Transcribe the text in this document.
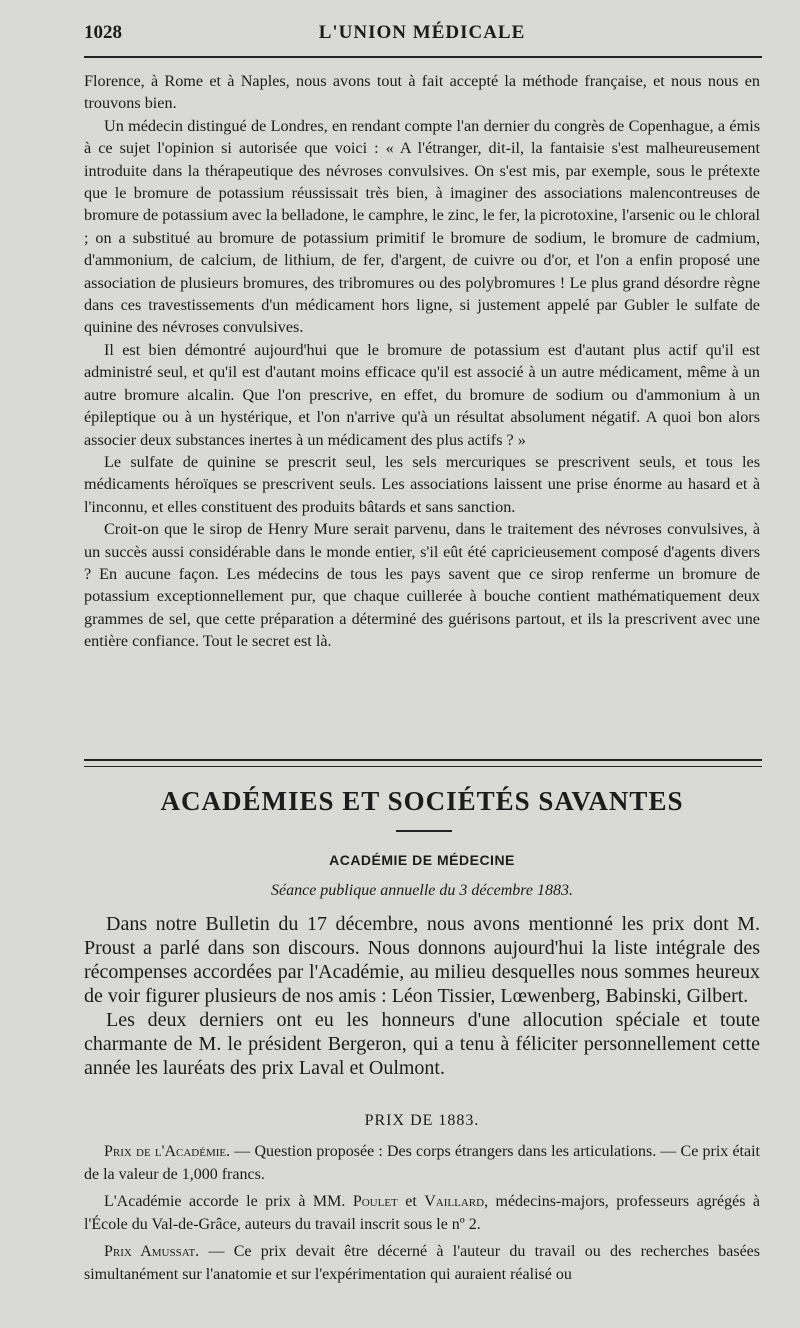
1028	L'UNION MÉDICALE

Florence, à Rome et à Naples, nous avons tout à fait accepté la méthode française, et nous nous en trouvons bien.

Un médecin distingué de Londres, en rendant compte l'an dernier du congrès de Copenhague, a émis à ce sujet l'opinion si autorisée que voici : « A l'étranger, dit-il, la fantaisie s'est malheureusement introduite dans la thérapeutique des névroses convulsives. On s'est mis, par exemple, sous le prétexte que le bromure de potassium réussissait très bien, à imaginer des associations malencontreuses de bromure de potassium avec la belladone, le camphre, le zinc, le fer, la picrotoxine, l'arsenic ou le chloral ; on a substitué au bromure de potassium primitif le bromure de sodium, le bromure de cadmium, d'ammonium, de calcium, de lithium, de fer, d'argent, de cuivre ou d'or, et l'on a enfin proposé une association de plusieurs bromures, des tribromures ou des polybromures ! Le plus grand désordre règne dans ces travestissements d'un médicament hors ligne, si justement appelé par Gubler le sulfate de quinine des névroses convulsives.

Il est bien démontré aujourd'hui que le bromure de potassium est d'autant plus actif qu'il est administré seul, et qu'il est d'autant moins efficace qu'il est associé à un autre médicament, même à un autre bromure alcalin. Que l'on prescrive, en effet, du bromure de sodium ou d'ammonium à un épileptique ou à un hystérique, et l'on n'arrive qu'à un résultat absolument négatif. A quoi bon alors associer deux substances inertes à un médicament des plus actifs ? »

Le sulfate de quinine se prescrit seul, les sels mercuriques se prescrivent seuls, et tous les médicaments héroïques se prescrivent seuls. Les associations laissent une prise énorme au hasard et à l'inconnu, et elles constituent des produits bâtards et sans sanction.

Croit-on que le sirop de Henry Mure serait parvenu, dans le traitement des névroses convulsives, à un succès aussi considérable dans le monde entier, s'il eût été capricieusement composé d'agents divers ? En aucune façon. Les médecins de tous les pays savent que ce sirop renferme un bromure de potassium exceptionnellement pur, que chaque cuillerée à bouche contient mathématiquement deux grammes de sel, que cette préparation a déterminé des guérisons partout, et ils la prescrivent avec une entière confiance. Tout le secret est là.

ACADÉMIES ET SOCIÉTÉS SAVANTES
ACADÉMIE DE MÉDECINE
Séance publique annuelle du 3 décembre 1883.

Dans notre Bulletin du 17 décembre, nous avons mentionné les prix dont M. Proust a parlé dans son discours. Nous donnons aujourd'hui la liste intégrale des récompenses accordées par l'Académie, au milieu desquelles nous sommes heureux de voir figurer plusieurs de nos amis : Léon Tissier, Lœwenberg, Babinski, Gilbert.

Les deux derniers ont eu les honneurs d'une allocution spéciale et toute charmante de M. le président Bergeron, qui a tenu à féliciter personnellement cette année les lauréats des prix Laval et Oulmont.

PRIX DE 1883.

Prix de l'Académie. — Question proposée : Des corps étrangers dans les articulations. — Ce prix était de la valeur de 1,000 francs.

L'Académie accorde le prix à MM. Poulet et Vaillard, médecins-majors, professeurs agrégés à l'École du Val-de-Grâce, auteurs du travail inscrit sous le nº 2.

Prix Amussat. — Ce prix devait être décerné à l'auteur du travail ou des recherches basées simultanément sur l'anatomie et sur l'expérimentation qui auraient réalisé ou
